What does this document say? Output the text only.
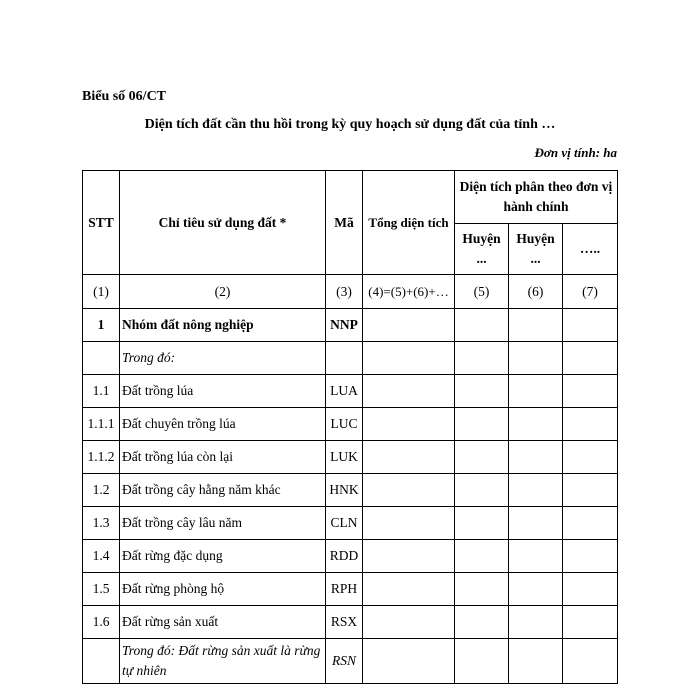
Biểu số 06/CT

Diện tích đất cần thu hồi trong kỳ quy hoạch sử dụng đất của tỉnh …

Đơn vị tính: ha

STT	Chỉ tiêu sử dụng đất *	Mã	Tổng diện tích	Diện tích phân theo đơn vị hành chính		
				Huyện ...	Huyện ...	…..
(1)	(2)	(3)	(4)=(5)+(6)+…	(5)	(6)	(7)
1	Nhóm đất nông nghiệp	NNP				
	Trong đó:					
1.1	Đất trồng lúa	LUA				
1.1.1	Đất chuyên trồng lúa	LUC				
1.1.2	Đất trồng lúa còn lại	LUK				
1.2	Đất trồng cây hằng năm khác	HNK				
1.3	Đất trồng cây lâu năm	CLN				
1.4	Đất rừng đặc dụng	RDD				
1.5	Đất rừng phòng hộ	RPH				
1.6	Đất rừng sản xuất	RSX				
	Trong đó: Đất rừng sản xuất là rừng tự nhiên	RSN				
